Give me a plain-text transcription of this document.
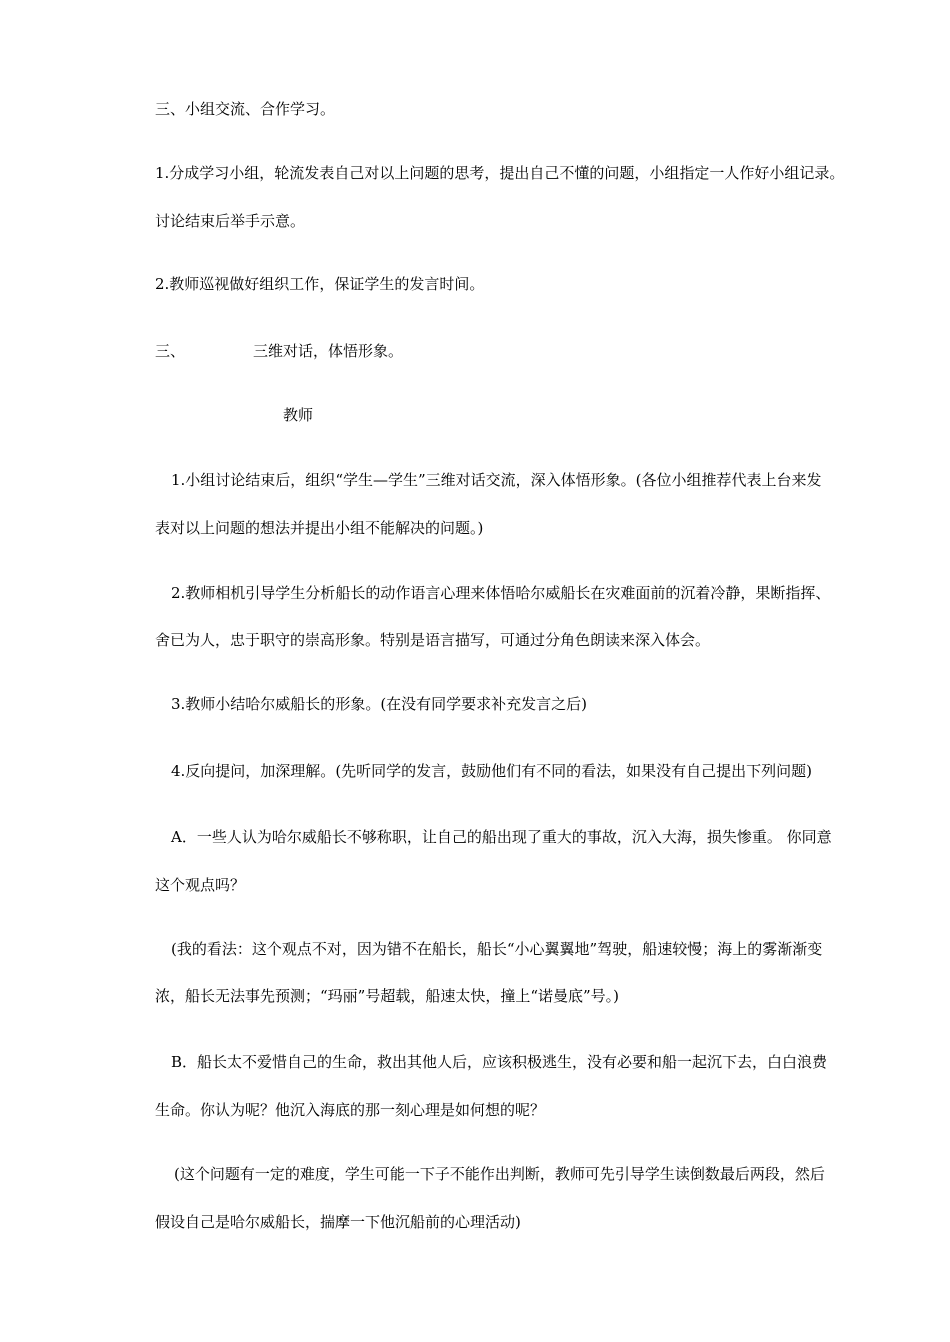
三、小组交流、合作学习。
1.分成学习小组，轮流发表自己对以上问题的思考，提出自己不懂的问题，小组指定一人作好小组记录。
讨论结束后举手示意。
2.教师巡视做好组织工作，保证学生的发言时间。
三、	三维对话，体悟形象。
教师
1.小组讨论结束后，组织“学生—学生”三维对话交流，深入体悟形象。(各位小组推荐代表上台来发
表对以上问题的想法并提出小组不能解决的问题。)
2.教师相机引导学生分析船长的动作语言心理来体悟哈尔威船长在灾难面前的沉着冷静，果断指挥、
舍已为人，忠于职守的崇高形象。特别是语言描写，可通过分角色朗读来深入体会。
3.教师小结哈尔威船长的形象。(在没有同学要求补充发言之后)
4.反向提问，加深理解。(先听同学的发言，鼓励他们有不同的看法，如果没有自己提出下列问题)
A．一些人认为哈尔威船长不够称职，让自己的船出现了重大的事故，沉入大海，损失惨重。 你同意
这个观点吗？
(我的看法：这个观点不对，因为错不在船长，船长“小心翼翼地”驾驶，船速较慢；海上的雾渐渐变
浓，船长无法事先预测；“玛丽”号超载，船速太快，撞上“诺曼底”号。)
B．船长太不爱惜自己的生命，救出其他人后，应该积极逃生，没有必要和船一起沉下去，白白浪费
生命。你认为呢？他沉入海底的那一刻心理是如何想的呢？
(这个问题有一定的难度，学生可能一下子不能作出判断，教师可先引导学生读倒数最后两段，然后
假设自己是哈尔威船长，揣摩一下他沉船前的心理活动)
